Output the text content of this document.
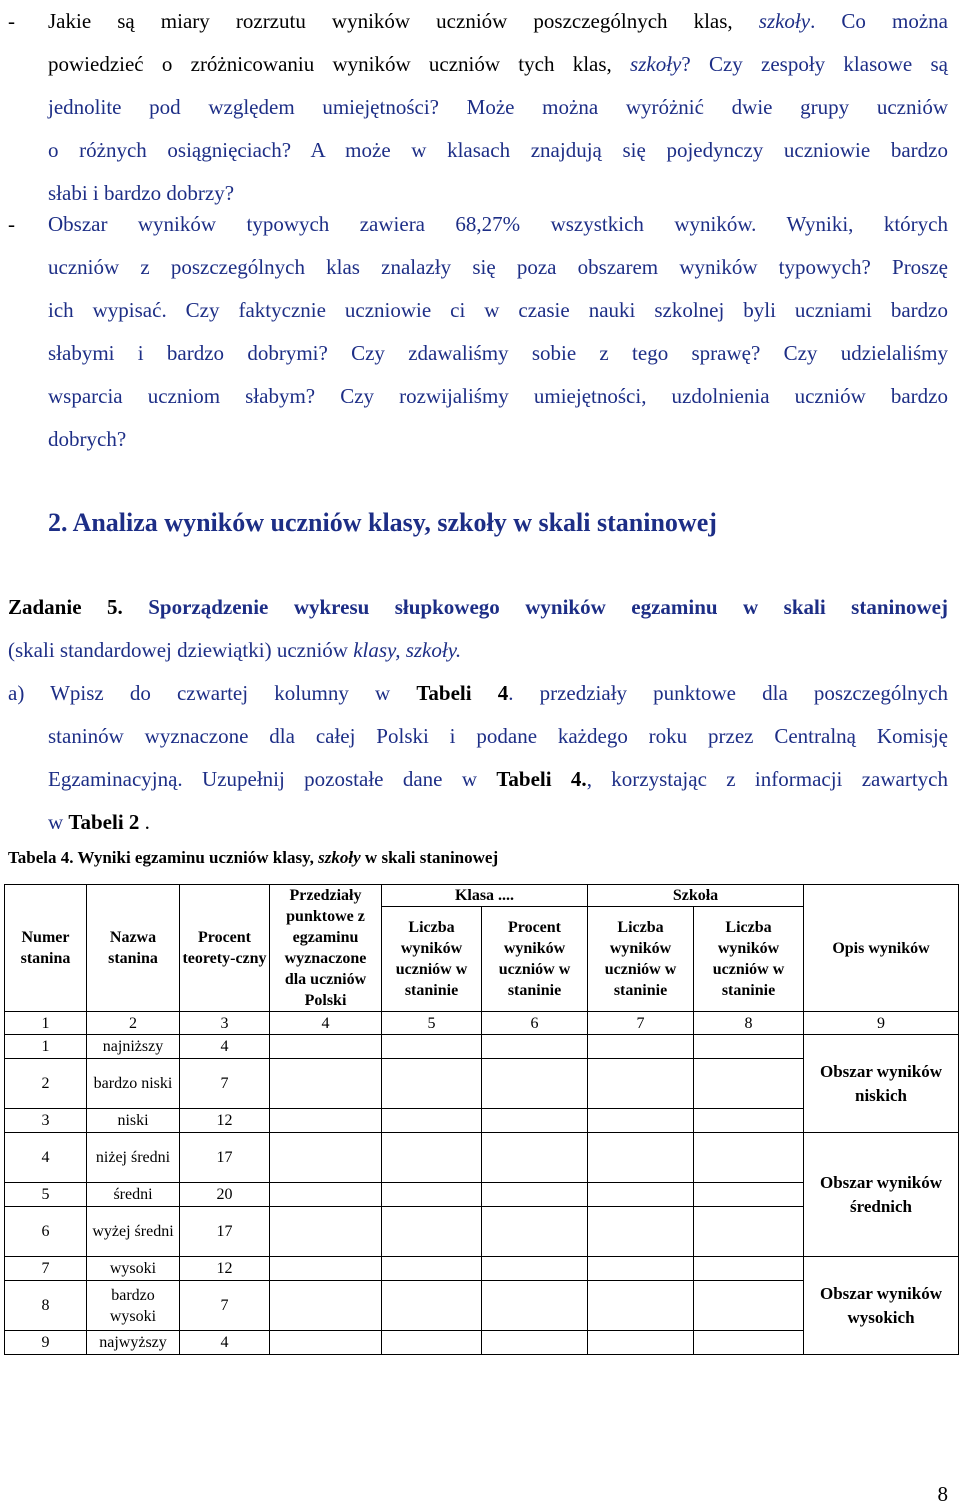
- Jakie są miary rozrzutu wyników uczniów poszczególnych klas, szkoły. Co można
powiedzieć o zróżnicowaniu wyników uczniów tych klas, szkoły? Czy zespoły klasowe są
jednolite pod względem umiejętności? Może można wyróżnić dwie grupy uczniów
o różnych osiągnięciach? A może w klasach znajdują się pojedynczy uczniowie bardzo
słabi i bardzo dobrzy?
- Obszar wyników typowych zawiera 68,27% wszystkich wyników. Wyniki, których
uczniów z poszczególnych klas znalazły się poza obszarem wyników typowych? Proszę
ich wypisać. Czy faktycznie uczniowie ci w czasie nauki szkolnej byli uczniami bardzo
słabymi i bardzo dobrymi? Czy zdawaliśmy sobie z tego sprawę? Czy udzielaliśmy
wsparcia uczniom słabym? Czy rozwijaliśmy umiejętności, uzdolnienia uczniów bardzo
dobrych?
2. Analiza wyników uczniów klasy, szkoły w skali staninowej
Zadanie 5. Sporządzenie wykresu słupkowego wyników egzaminu w skali staninowej
(skali standardowej dziewiątki) uczniów klasy, szkoły.
a) Wpisz do czwartej kolumny w Tabeli 4. przedziały punktowe dla poszczególnych
staninów wyznaczone dla całej Polski i podane każdego roku przez Centralną Komisję
Egzaminacyjną. Uzupełnij pozostałe dane w Tabeli 4., korzystając z informacji zawartych
w Tabeli 2 .
Tabela 4. Wyniki egzaminu uczniów klasy, szkoły w skali staninowej
Numer stanina	Nazwa stanina	Procent teorety-czny	Przedziały punktowe z egzaminu wyznaczone dla uczniów Polski	Klasa ....		Szkoła		Opis wyników
				Liczba wyników uczniów w staninie	Procent wyników uczniów w staninie	Liczba wyników uczniów w staninie	Liczba wyników uczniów w staninie	
1	2	3	4	5	6	7	8	9
1	najniższy	4						Obszar wyników niskich
2	bardzo niski	7						
3	niski	12						
4	niżej średni	17						Obszar wyników średnich
5	średni	20						
6	wyżej średni	17						
7	wysoki	12						Obszar wyników wysokich
8	bardzo wysoki	7						
9	najwyższy	4						
8
